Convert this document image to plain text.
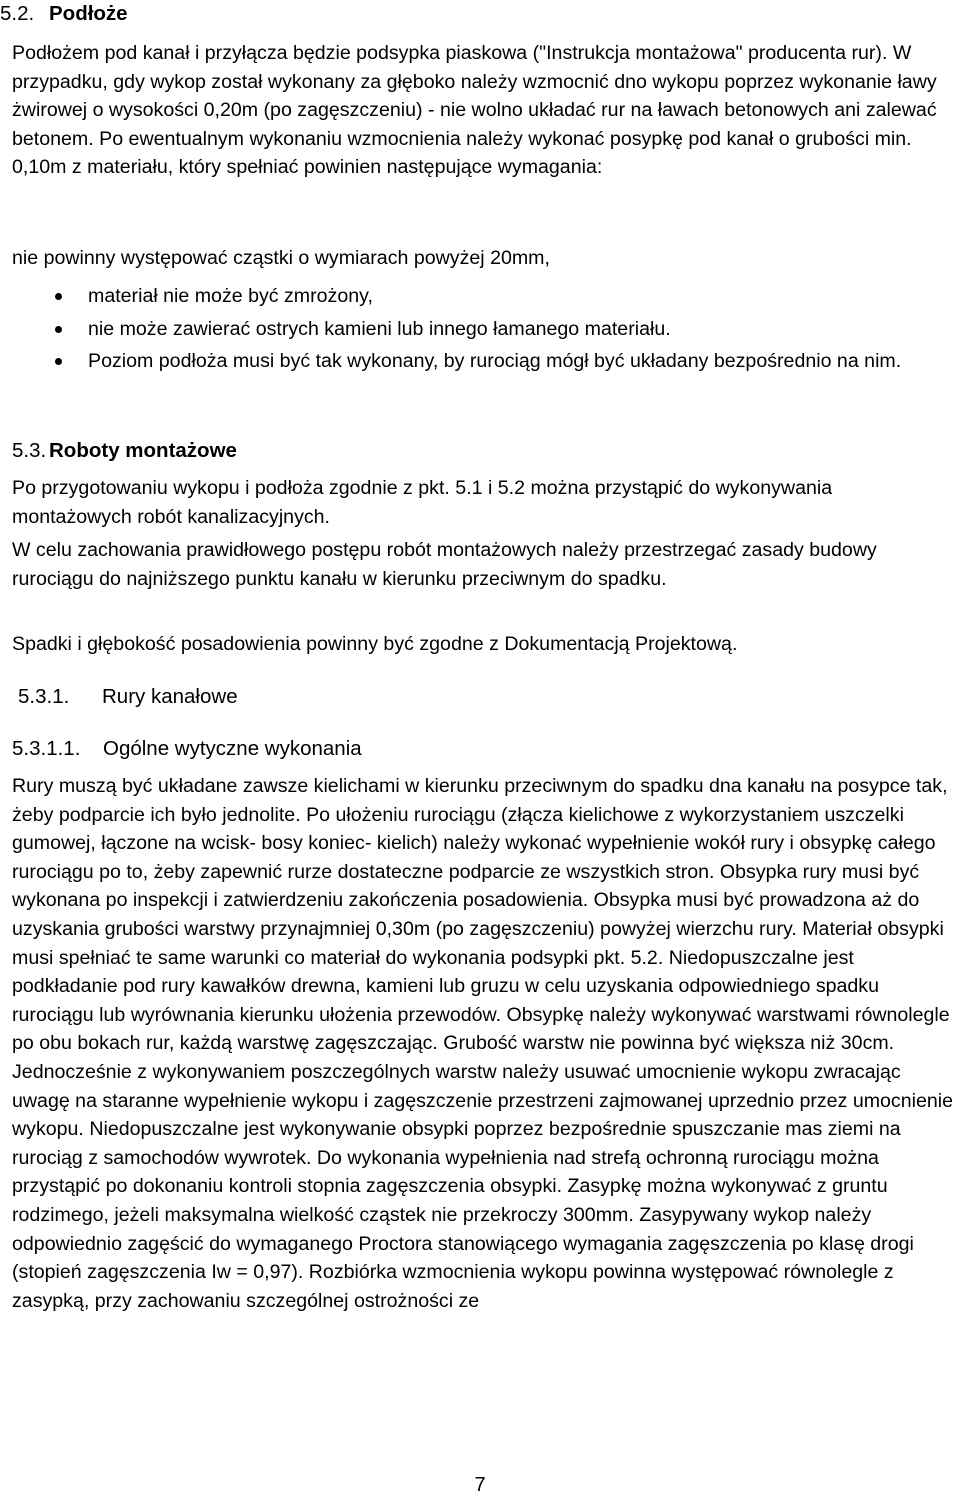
5.2. Podłoże

Podłożem pod kanał i przyłącza będzie podsypka piaskowa ("Instrukcja montażowa" producenta rur). W przypadku, gdy wykop został wykonany za głęboko należy wzmocnić dno wykopu poprzez wykonanie ławy żwirowej o wysokości 0,20m (po zagęszczeniu) - nie wolno układać rur na ławach betonowych ani zalewać betonem. Po ewentualnym wykonaniu wzmocnienia należy wykonać posypkę pod kanał o grubości min. 0,10m z materiału, który spełniać powinien następujące wymagania:

nie powinny występować cząstki o wymiarach powyżej 20mm,

materiał nie może być zmrożony,
nie może zawierać ostrych kamieni lub innego łamanego materiału.
Poziom podłoża musi być tak wykonany, by rurociąg mógł być układany bezpośrednio na nim.
5.3. Roboty montażowe

Po przygotowaniu wykopu i podłoża zgodnie z pkt. 5.1 i 5.2 można przystąpić do wykonywania montażowych robót kanalizacyjnych.

W celu zachowania prawidłowego postępu robót montażowych należy przestrzegać zasady budowy rurociągu do najniższego punktu kanału w kierunku przeciwnym do spadku.

Spadki i głębokość posadowienia powinny być zgodne z Dokumentacją Projektową.

5.3.1. Rury kanałowe
5.3.1.1. Ogólne wytyczne wykonania

Rury muszą być układane zawsze kielichami w kierunku przeciwnym do spadku dna kanału na posypce tak, żeby podparcie ich było jednolite. Po ułożeniu rurociągu (złącza kielichowe z wykorzystaniem uszczelki gumowej, łączone na wcisk- bosy koniec- kielich) należy wykonać wypełnienie wokół rury i obsypkę całego rurociągu po to, żeby zapewnić rurze dostateczne podparcie ze wszystkich stron. Obsypka rury musi być wykonana po inspekcji i zatwierdzeniu zakończenia posadowienia. Obsypka musi być prowadzona aż do uzyskania grubości warstwy przynajmniej 0,30m (po zagęszczeniu) powyżej wierzchu rury. Materiał obsypki musi spełniać te same warunki co materiał do wykonania podsypki pkt. 5.2. Niedopuszczalne jest podkładanie pod rury kawałków drewna, kamieni lub gruzu w celu uzyskania odpowiedniego spadku rurociągu lub wyrównania kierunku ułożenia przewodów. Obsypkę należy wykonywać warstwami równolegle po obu bokach rur, każdą warstwę zagęszczając. Grubość warstw nie powinna być większa niż 30cm. Jednocześnie z wykonywaniem poszczególnych warstw należy usuwać umocnienie wykopu zwracając uwagę na staranne wypełnienie wykopu i zagęszczenie przestrzeni zajmowanej uprzednio przez umocnienie wykopu. Niedopuszczalne jest wykonywanie obsypki poprzez bezpośrednie spuszczanie mas ziemi na rurociąg z samochodów wywrotek. Do wykonania wypełnienia nad strefą ochronną rurociągu można przystąpić po dokonaniu kontroli stopnia zagęszczenia obsypki. Zasypkę można wykonywać z gruntu rodzimego, jeżeli maksymalna wielkość cząstek nie przekroczy 300mm. Zasypywany wykop należy odpowiednio zagęścić do wymaganego Proctora stanowiącego wymagania zagęszczenia po klasę drogi (stopień zagęszczenia Iw = 0,97). Rozbiórka wzmocnienia wykopu powinna występować równolegle z zasypką, przy zachowaniu szczególnej ostrożności ze

7
